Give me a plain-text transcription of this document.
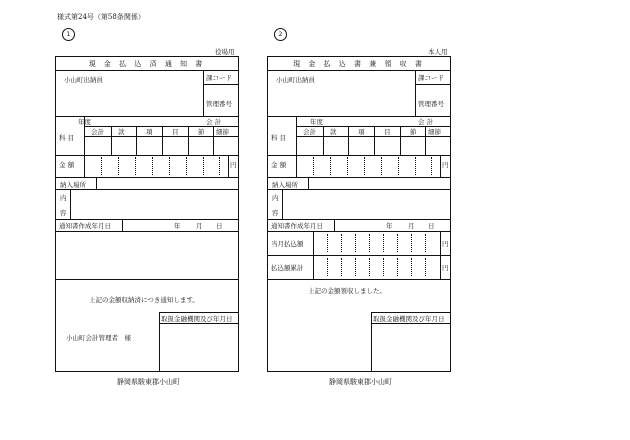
様式第24号（第58条関係）
1
役場用
静岡県駿東郡小山町
現 金 払 込 済 通 知 書
小山町出納員	課コード
管理番号
年度	会 計
科 目
会計 款	項	目	節 細節
金 額	円
納入場所
内
容
通知書作成年月日	年 月 日
上記の金額収納済につき通知します。
取扱金融機関及び年月日
小山町会計管理者　様
2
本人用
静岡県駿東郡小山町
現 金 払 込 書 兼 領 収 書
小山町出納員	課コード
管理番号
年度	会 計
科 目
会計 款	項	目	節 細節
金 額	円
納入場所
内
容
通知書作成年月日	年 月 日
当月払込額	円
払込額累計	円
上記の金額領収しました。
取扱金融機関及び年月日
